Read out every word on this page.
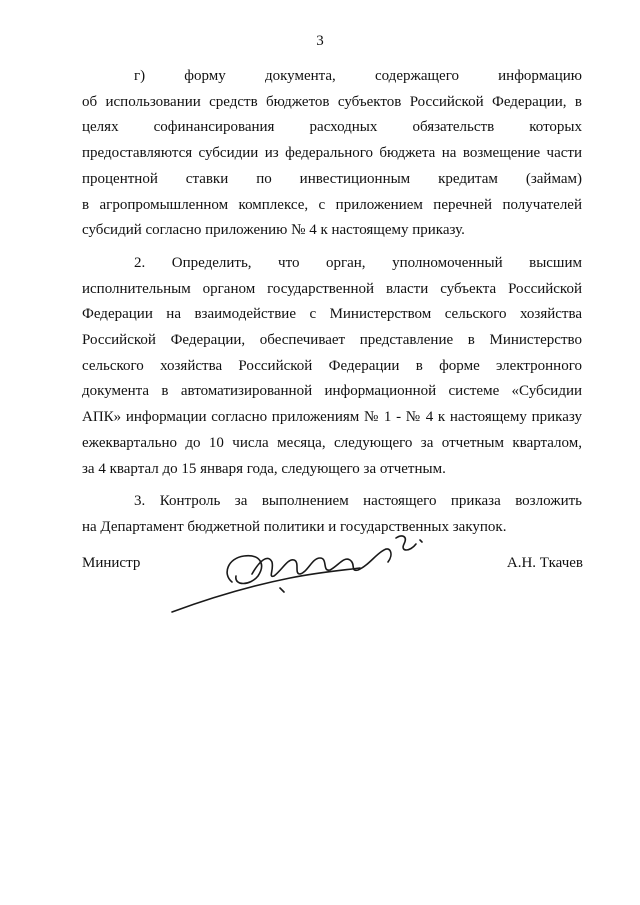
3

г)        форму        документа,        содержащего        информацию
об использовании средств бюджетов субъектов Российской Федерации, в
целях софинансирования расходных обязательств которых
предоставляются субсидии из федерального бюджета на возмещение части
процентной ставки по инвестиционным кредитам (займам)
в агропромышленном комплексе, с приложением перечней получателей
субсидий согласно приложению № 4 к настоящему приказу.

2. Определить, что орган, уполномоченный высшим
исполнительным органом государственной власти субъекта Российской
Федерации на взаимодействие с Министерством сельского хозяйства
Российской Федерации, обеспечивает представление в Министерство
сельского хозяйства Российской Федерации в форме электронного
документа в автоматизированной информационной системе «Субсидии
АПК» информации согласно приложениям № 1 - № 4 к настоящему приказу
ежеквартально до 10 числа месяца, следующего за отчетным кварталом,
за 4 квартал до 15 января года, следующего за отчетным.

3. Контроль за выполнением настоящего приказа возложить
на Департамент бюджетной политики и государственных закупок.

Министр	А.Н. Ткачев
